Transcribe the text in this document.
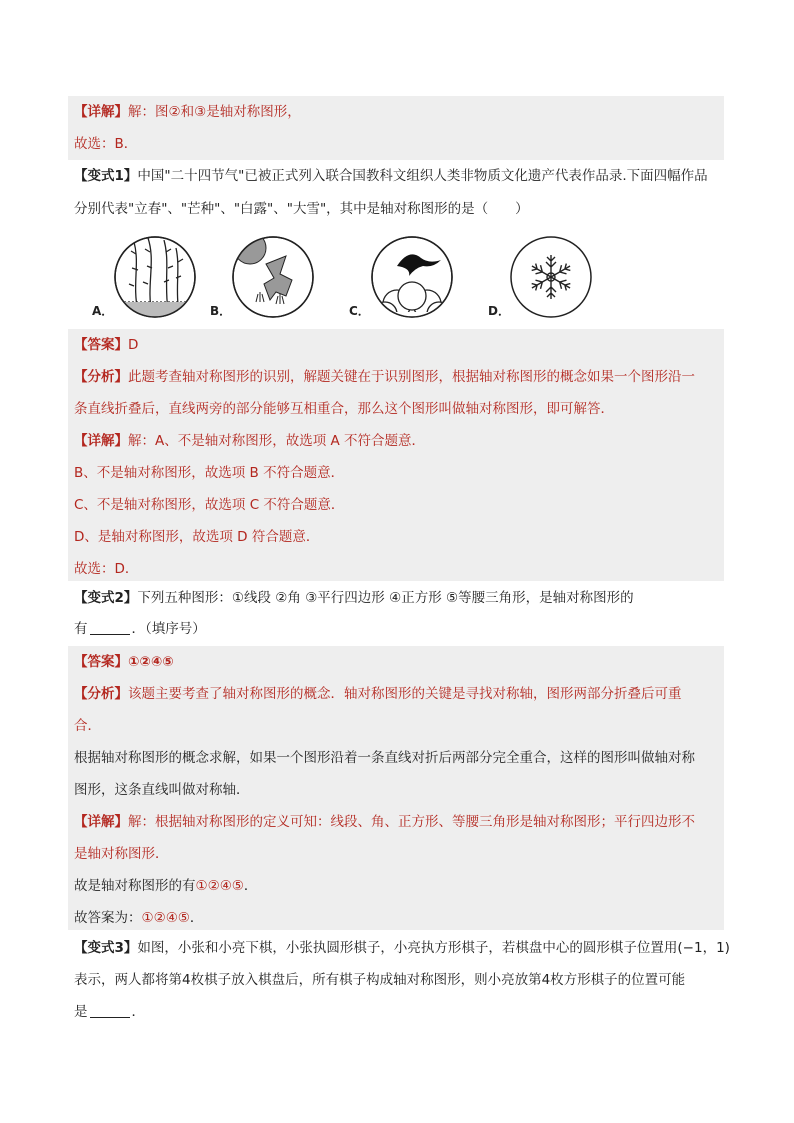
【详解】解：图②和③是轴对称图形，
故选：B．
【变式1】中国"二十四节气"已被正式列入联合国教科文组织人类非物质文化遗产代表作品录.下面四幅作品
分别代表"立春"、"芒种"、"白露"、"大雪"，其中是轴对称图形的是（　　）
A．	B．	C．	D．
【答案】D
【分析】此题考查轴对称图形的识别，解题关键在于识别图形，根据轴对称图形的概念如果一个图形沿一
条直线折叠后，直线两旁的部分能够互相重合，那么这个图形叫做轴对称图形，即可解答．
【详解】解：A、不是轴对称图形，故选项 A 不符合题意．
B、不是轴对称图形，故选项 B 不符合题意．
C、不是轴对称图形，故选项 C 不符合题意．
D、是轴对称图形，故选项 D 符合题意．
故选：D．
【变式2】下列五种图形：①线段 ②角 ③平行四边形 ④正方形 ⑤等腰三角形，是轴对称图形的
有	．（填序号）
【答案】①②④⑤
【分析】该题主要考查了轴对称图形的概念．轴对称图形的关键是寻找对称轴，图形两部分折叠后可重
合．
根据轴对称图形的概念求解，如果一个图形沿着一条直线对折后两部分完全重合，这样的图形叫做轴对称
图形，这条直线叫做对称轴．
【详解】解：根据轴对称图形的定义可知：线段、角、正方形、等腰三角形是轴对称图形；平行四边形不
是轴对称图形．
故是轴对称图形的有①②④⑤．
故答案为：①②④⑤．
【变式3】如图，小张和小亮下棋，小张执圆形棋子，小亮执方形棋子，若棋盘中心的圆形棋子位置用(−1，1)
表示，两人都将第4枚棋子放入棋盘后，所有棋子构成轴对称图形，则小亮放第4枚方形棋子的位置可能
是	．
